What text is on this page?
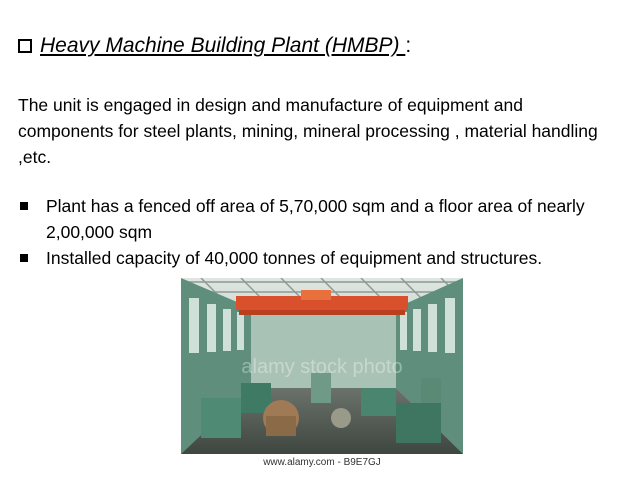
Heavy Machine Building Plant (HMBP) :
The unit is engaged in design and manufacture of equipment and components for steel plants, mining, mineral processing , material handling ,etc.
Plant has a fenced off area of 5,70,000 sqm and a floor area of nearly 2,00,000 sqm
Installed capacity of 40,000 tonnes of equipment and structures.
alamy stock photo
www.alamy.com - B9E7GJ
